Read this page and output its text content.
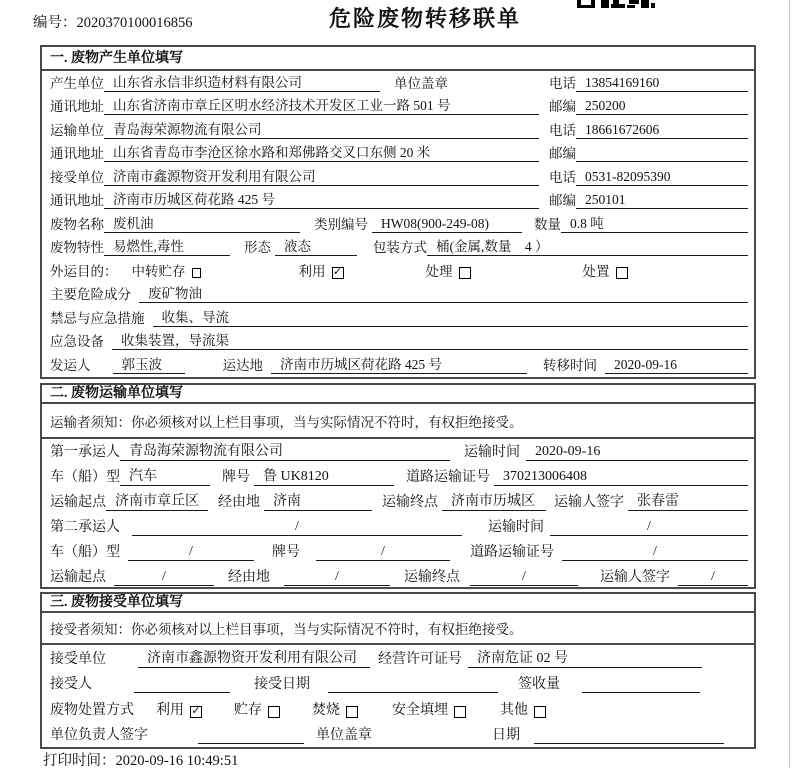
编号：2020370100016856	危险废物转移联单
一. 废物产生单位填写
产生单位 山东省永信非织造材料有限公司	单位盖章	电话 13854169160
通讯地址 山东省济南市章丘区明水经济技术开发区工业一路 501 号	邮编 250200
运输单位 青岛海荣源物流有限公司	电话 18661672606
通讯地址 山东省青岛市李沧区徐水路和郑佛路交叉口东侧 20 米	邮编
接受单位 济南市鑫源物资开发利用有限公司	电话 0531-82095390
通讯地址 济南市历城区荷花路 425 号	邮编 250101
废物名称 废机油	类别编号 HW08(900-249-08)	数量 0.8 吨
废物特性 易燃性,毒性	形态 液态	包装方式 桶(金属,数量　4 ）
外运目的： 中转贮存	利用 ✓	处理	处置
主要危险成分	废矿物油
禁忌与应急措施	收集、导流
应急设备	收集装置，导流渠
发运人	郭玉波	运达地	济南市历城区荷花路 425 号	转移时间	2020-09-16
二. 废物运输单位填写
运输者须知：你必须核对以上栏目事项，当与实际情况不符时，有权拒绝接受。
第一承运人 青岛海荣源物流有限公司	运输时间	2020-09-16
车（船）型 汽车	牌号 鲁 UK8120	道路运输证号 370213006408
运输起点 济南市章丘区	经由地 济南	运输终点 济南市历城区	运输人签字 张春雷
第二承运人	/	运输时间	/
车（船）型	/	牌号	/	道路运输证号	/
运输起点	/	经由地	/	运输终点	/	运输人签字	/
三. 废物接受单位填写
接受者须知：你必须核对以上栏目事项，当与实际情况不符时，有权拒绝接受。
接受单位	济南市鑫源物资开发利用有限公司	经营许可证号	济南危证 02 号
接受人	接受日期	签收量
废物处置方式 利用 ✓ 贮存	焚烧	安全填埋	其他
单位负责人签字	单位盖章	日期
打印时间：2020-09-16 10:49:51
